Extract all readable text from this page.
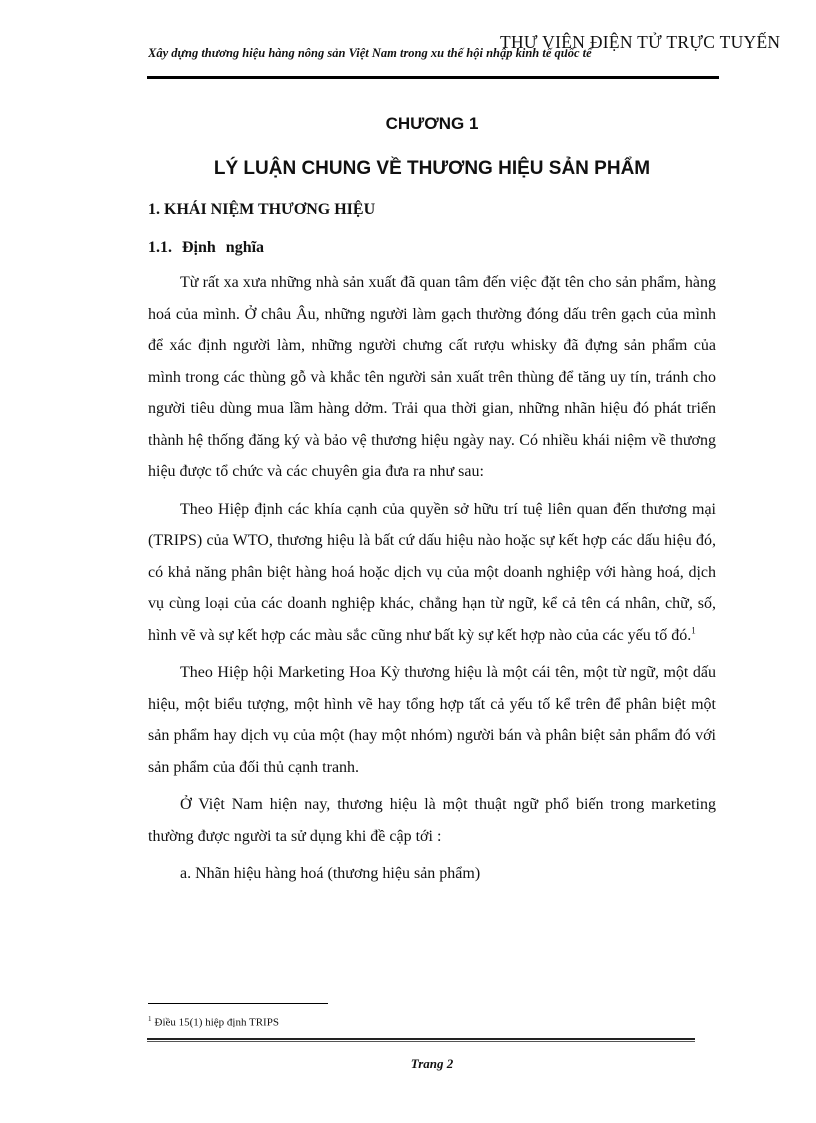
Xây dựng thương hiệu hàng nông sản Việt Nam trong xu thế hội nhập kinh tế quốc tế
THƯ VIỆN ĐIỆN TỬ TRỰC TUYẾN
CHƯƠNG 1
LÝ LUẬN CHUNG VỀ THƯƠNG HIỆU SẢN PHẨM
1. KHÁI NIỆM THƯƠNG HIỆU
1.1. Định nghĩa

Từ rất xa xưa những nhà sản xuất đã quan tâm đến việc đặt tên cho sản phẩm, hàng hoá của mình. Ở châu Âu, những người làm gạch thường đóng dấu trên gạch của mình để xác định người làm, những người chưng cất rượu whisky đã đựng sản phẩm của mình trong các thùng gỗ và khắc tên người sản xuất trên thùng để tăng uy tín, tránh cho người tiêu dùng mua lầm hàng dởm. Trải qua thời gian, những nhãn hiệu đó phát triển thành hệ thống đăng ký và bảo vệ thương hiệu ngày nay. Có nhiều khái niệm về thương hiệu được tổ chức và các chuyên gia đưa ra như sau:

Theo Hiệp định các khía cạnh của quyền sở hữu trí tuệ liên quan đến thương mại (TRIPS) của WTO, thương hiệu là bất cứ dấu hiệu nào hoặc sự kết hợp các dấu hiệu đó, có khả năng phân biệt hàng hoá hoặc dịch vụ của một doanh nghiệp với hàng hoá, dịch vụ cùng loại của các doanh nghiệp khác, chẳng hạn từ ngữ, kể cả tên cá nhân, chữ, số, hình vẽ và sự kết hợp các màu sắc cũng như bất kỳ sự kết hợp nào của các yếu tố đó.$^1$

Theo Hiệp hội Marketing Hoa Kỳ thương hiệu là một cái tên, một từ ngữ, một dấu hiệu, một biểu tượng, một hình vẽ hay tổng hợp tất cả yếu tố kể trên để phân biệt một sản phẩm hay dịch vụ của một (hay một nhóm) người bán và phân biệt sản phẩm đó với sản phẩm của đối thủ cạnh tranh.

Ở Việt Nam hiện nay, thương hiệu là một thuật ngữ phổ biến trong marketing thường được người ta sử dụng khi đề cập tới :

a. Nhãn hiệu hàng hoá (thương hiệu sản phẩm)

$^1$ Điều 15(1) hiệp định TRIPS
Trang 2
